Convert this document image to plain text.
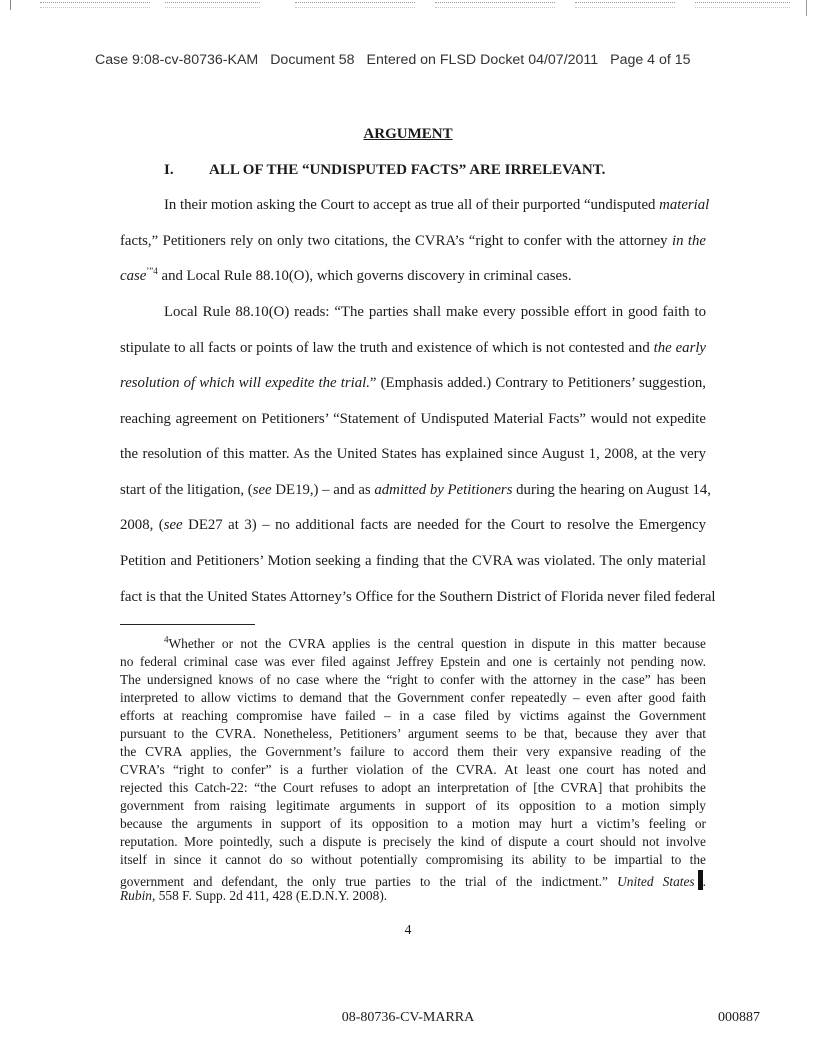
Case 9:08-cv-80736-KAM Document 58 Entered on FLSD Docket 04/07/2011 Page 4 of 15
ARGUMENT
I. ALL OF THE “UNDISPUTED FACTS” ARE IRRELEVANT.
In their motion asking the Court to accept as true all of their purported “undisputed material
facts,” Petitioners rely on only two citations, the CVRA’s “right to confer with the attorney in the
case$^{’”4}$ and Local Rule 88.10(O), which governs discovery in criminal cases.
Local Rule 88.10(O) reads: “The parties shall make every possible effort in good faith to
stipulate to all facts or points of law the truth and existence of which is not contested and the early
resolution of which will expedite the trial.” (Emphasis added.) Contrary to Petitioners’ suggestion,
reaching agreement on Petitioners’ “Statement of Undisputed Material Facts” would not expedite
the resolution of this matter. As the United States has explained since August 1, 2008, at the very
start of the litigation, (see DE19,) – and as admitted by Petitioners during the hearing on August 14,
2008, (see DE27 at 3) – no additional facts are needed for the Court to resolve the Emergency
Petition and Petitioners’ Motion seeking a finding that the CVRA was violated. The only material
fact is that the United States Attorney’s Office for the Southern District of Florida never filed federal
$^4$Whether or not the CVRA applies is the central question in dispute in this matter because
no federal criminal case was ever filed against Jeffrey Epstein and one is certainly not pending now.
The undersigned knows of no case where the “right to confer with the attorney in the case” has been
interpreted to allow victims to demand that the Government confer repeatedly – even after good faith
efforts at reaching compromise have failed – in a case filed by victims against the Government
pursuant to the CVRA. Nonetheless, Petitioners’ argument seems to be that, because they aver that
the CVRA applies, the Government’s failure to accord them their very expansive reading of the
CVRA’s “right to confer” is a further violation of the CVRA. At least one court has noted and
rejected this Catch-22: “the Court refuses to adopt an interpretation of [the CVRA] that prohibits the
government from raising legitimate arguments in support of its opposition to a motion simply
because the arguments in support of its opposition to a motion may hurt a victim’s feeling or
reputation. More pointedly, such a dispute is precisely the kind of dispute a court should not involve
itself in since it cannot do so without potentially compromising its ability to be impartial to the
government and defendant, the only true parties to the trial of the indictment.” United States .
Rubin, 558 F. Supp. 2d 411, 428 (E.D.N.Y. 2008).
4
08-80736-CV-MARRA	000887
